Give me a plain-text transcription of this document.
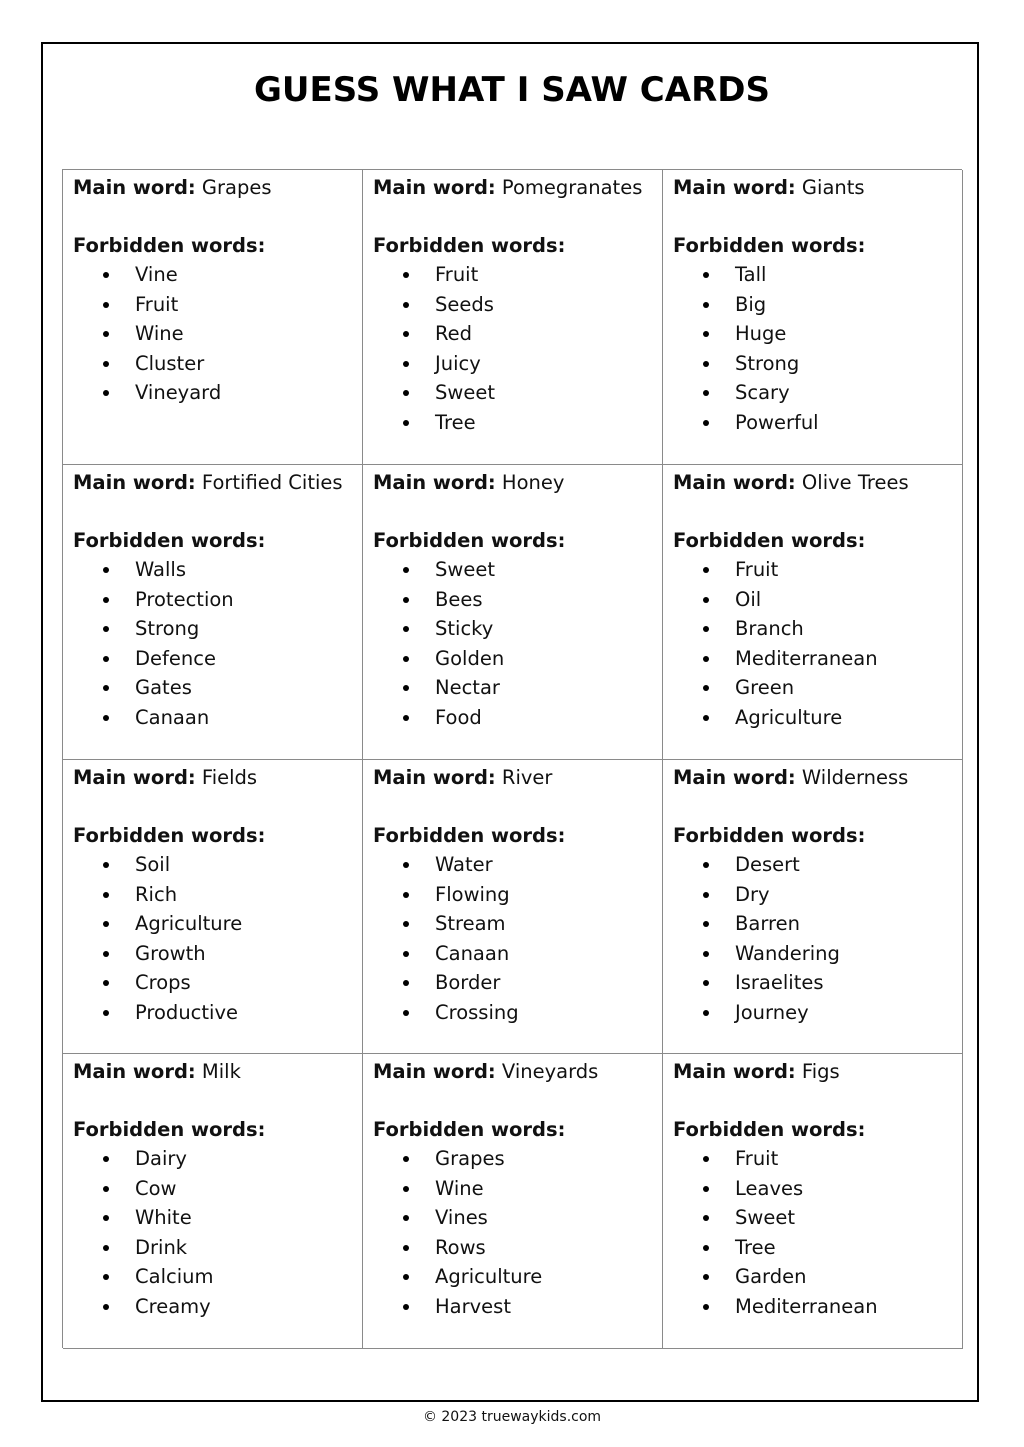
GUESS WHAT I SAW CARDS
Main word: Grapes
Forbidden words:
Vine
Fruit
Wine
Cluster
Vineyard
Main word: Pomegranates
Forbidden words:
Fruit
Seeds
Red
Juicy
Sweet
Tree
Main word: Giants
Forbidden words:
Tall
Big
Huge
Strong
Scary
Powerful
Main word: Fortified Cities
Forbidden words:
Walls
Protection
Strong
Defence
Gates
Canaan
Main word: Honey
Forbidden words:
Sweet
Bees
Sticky
Golden
Nectar
Food
Main word: Olive Trees
Forbidden words:
Fruit
Oil
Branch
Mediterranean
Green
Agriculture
Main word: Fields
Forbidden words:
Soil
Rich
Agriculture
Growth
Crops
Productive
Main word: River
Forbidden words:
Water
Flowing
Stream
Canaan
Border
Crossing
Main word: Wilderness
Forbidden words:
Desert
Dry
Barren
Wandering
Israelites
Journey
Main word: Milk
Forbidden words:
Dairy
Cow
White
Drink
Calcium
Creamy
Main word: Vineyards
Forbidden words:
Grapes
Wine
Vines
Rows
Agriculture
Harvest
Main word: Figs
Forbidden words:
Fruit
Leaves
Sweet
Tree
Garden
Mediterranean
© 2023 truewaykids.com
